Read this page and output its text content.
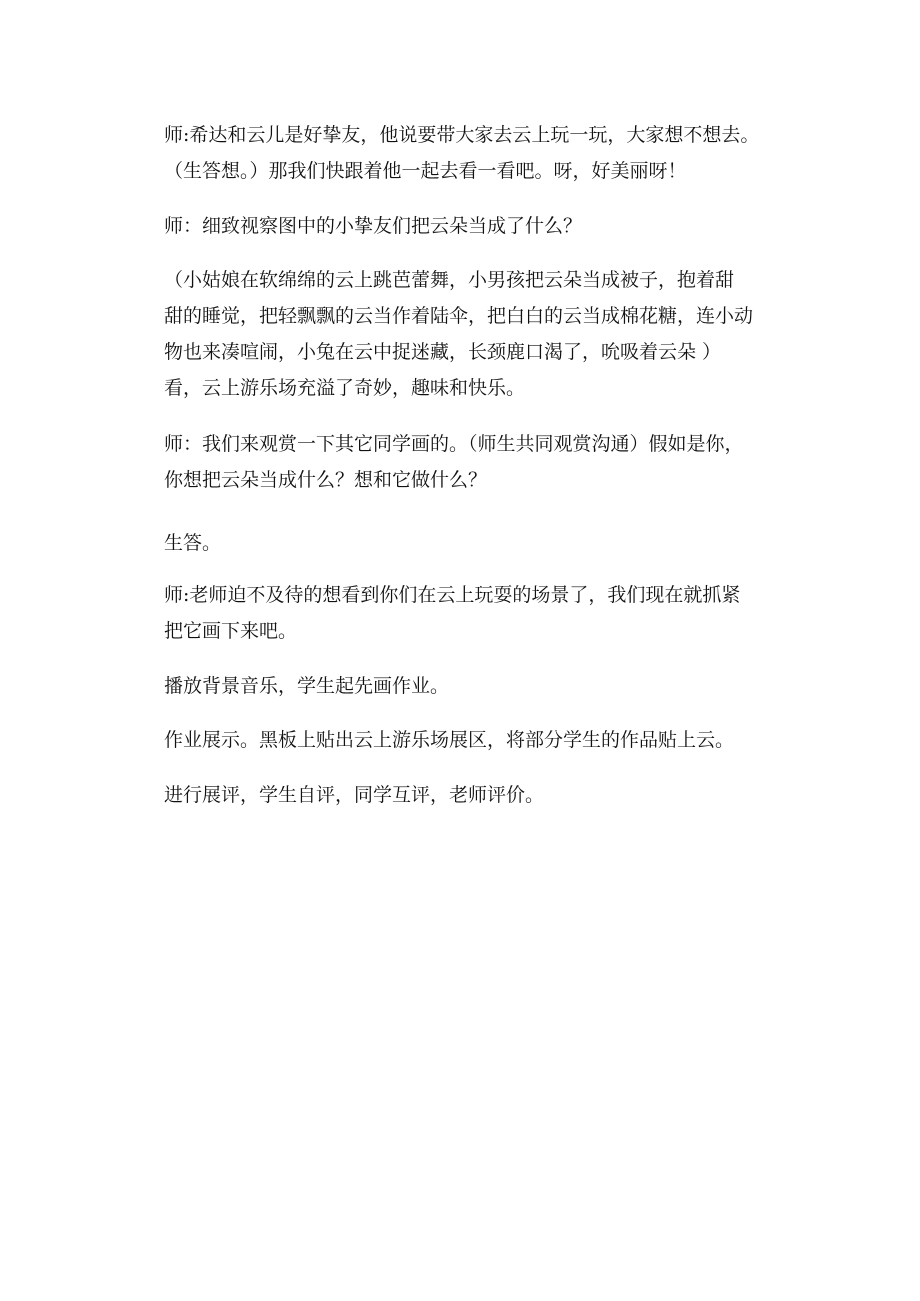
师:希达和云儿是好挚友，他说要带大家去云上玩一玩，大家想不想去。
（生答想。）那我们快跟着他一起去看一看吧。呀，好美丽呀！
师：细致视察图中的小挚友们把云朵当成了什么？
（小姑娘在软绵绵的云上跳芭蕾舞，小男孩把云朵当成被子，抱着甜
甜的睡觉，把轻飘飘的云当作着陆伞，把白白的云当成棉花糖，连小动
物也来凑喧闹，小兔在云中捉迷藏，长颈鹿口渴了，吮吸着云朵 ）
看，云上游乐场充溢了奇妙，趣味和快乐。
师：我们来观赏一下其它同学画的。（师生共同观赏沟通）假如是你，
你想把云朵当成什么？想和它做什么？
生答。
师:老师迫不及待的想看到你们在云上玩耍的场景了，我们现在就抓紧
把它画下来吧。
播放背景音乐，学生起先画作业。
作业展示。黑板上贴出云上游乐场展区，将部分学生的作品贴上云。
进行展评，学生自评，同学互评，老师评价。
